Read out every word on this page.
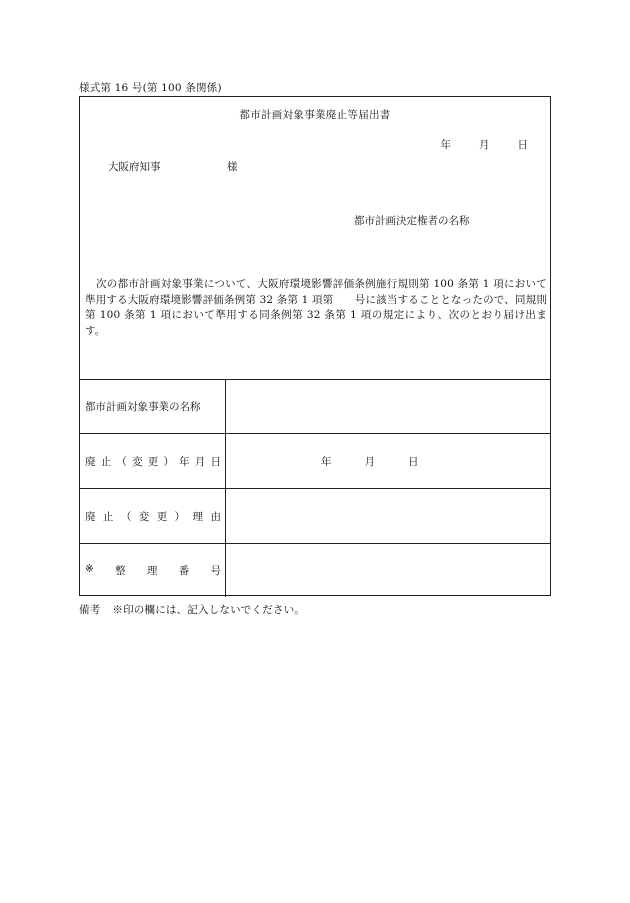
様式第 16 号(第 100 条関係)
都市計画対象事業廃止等届出書
年	月	日
大阪府知事	様
都市計画決定権者の名称
次の都市計画対象事業について、大阪府環境影響評価条例施行規則第 100 条第 1 項において準用する大阪府環境影響評価条例第 32 条第 1 項第　　号に該当することとなったので、同規則第 100 条第 1 項において準用する同条例第 32 条第 1 項の規定により、次のとおり届け出ます。
都市計画対象事業の名称
廃 止 （ 変 更 ） 年 月 日	年	月	日
廃 止 （ 変 更 ） 理 由
※ 整 理 番 号
備考 ※印の欄には、記入しないでください。
